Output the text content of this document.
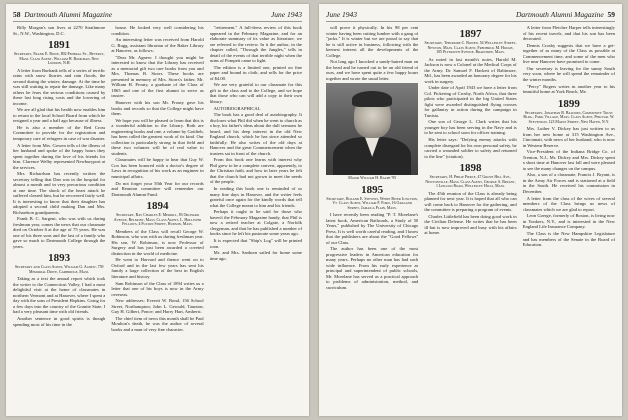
58 Dartmouth Alumni Magazine	June 1943

Billy Morgan's son lives at 2270 Strathmore St., N.W., Washington, D.C.

1891
Secretary, Frank E. Rowe, 802 Federal St., Beverly, Mass. Class Agent, William H. Bookman, New London, N.H.

A letter from Burbank tells of a series of terrific rains with snow flurries and rain floods, the second during the winter; damage. At the time he was still waiting to repair the damage. Like many others he fears the serious conditions caused by these last long rising costs and the lowering of income.

We are all glad that his health now enables him to return to the local School Board from which he resigned a year and a half ago because of illness.

He is also a member of the Red Cross Committee to provide for the registration and temporary care of refugees in case of war disaster.

A letter from Mrs. Gowen tells of the illness of her husband and spoke of the happy hours they spent together during the love of his friends for him. Clarence Welby represented Newburyport at the services.

Mrs. Richardson has recently written the secretary telling that Dan was in the hospital for almost a month and in very precarious condition at one time. The shock of the heart attack he suffered cleared him, but he recovered fairly well. It is interesting to know that their daughter has adopted a second child making Dan and Mrs. Richardson grandparents.

Frank B. C. Sargent, who was with us during freshman year, comes the news that our classmate died on October 6 at the age of 75 years. He was one of his three sons and the last of a family who gave so much to Dartmouth College through the years.

1893
Secretary and Class Agent, William G. Agnew, 759 Memorial Drive, Cambridge, Mass.

Taking as a text the annual report which took the writer to the Connecticut Valley, I had a most delightful visit at the home of classmates in northern Vermont and at Hanover, where I spent a day with the sons of President Hopkins. Going for a few days into the country of the Granite State, I had a very pleasant time with old friends.

Another sentence in good spirits is though spending most of his time in the

house. He looked very well considering his condition.

An interesting letter was received from Harold G. Rugg, assistant librarian of the Baker Library at Hanover, as follows:

"Dear Mr. Agnew: I thought you might be interested to know that the Library has received as a memorial gift two rare books from you and Mrs. Thomas B. Storrs. These books are presented in memory of Mrs. Storrs's father, Mr. William H. Prouty, a graduate of the Class of 1865 and one of the first alumni to serve as trustee.

Hanover with his son Mr. Prouty gave his books and records so that the College might have them.

We hope you will be pleased to learn that this is a wonderful addition to the Library. Both are engineering books and one, a volume by Gottlieb, has been called the greatest work of its kind. Our collection is particularly strong in that field and these two volumes will be of real value to students.

Classmates will be happy to hear that Guy W. Cox has been honored with a doctor's degree of Laws in recognition of his work as an engineer in municipal affairs.

Do not forget your 50th Year for our records and Reunion committee will remember our Dartmouth Alumni Fund.

1894
Secretary, Ray Charles E. Merrill, 83 Orchard Avenue, Belmont, Mass. Class Agent, L. Hollister Fellows, 4 Fulton Street, Hudson, Mass.

Members of the Class will recall George W. Robinson, who was with us during freshman year. His son, W. Robinson, is now Professor of Surgery and has just been awarded a coveted distinction in the world of medicine.

He went to Harvard and thence went on to Oxford and in the last few years has sent his family a large collection of the best in English literature and history.

Sam Robinson of the Class of 1894 writes us a letter that one of his boys is now in the Army overseas.

New addresses: Everett W. Bond, 156 School Street, Northampton; John L. Gerould, Taunton; Guy H. Gilbert, Ponce; and Harry Hart, Amherst.

The chief item of news this month shall be Paul Moulton's death, he was the author of several books and a man of very fine character.

"retirement." A full-dress review of this book appeared in the February Magazine, and for an elaborate summary of its value as literature, we are referred to the review. In it the author, in the chapter called, "Through the Jungles," tells in detail of the events of that terrible night when the ruins of Pompeii came to light.

The edition is a limited one, printed on fine paper and bound in cloth, and sells for the price of $4.00.

We are very grateful to our classmate for this gift to the class and to the College, and we hope that those who can will add a copy to their own library.

AUTOBIOGRAPHICAL

The book has a good deal of autobiography. It discloses what Phil did when he went to church as a boy, his father's ideas about the dull sermons he heard, and his deep interest in the old New England church, which he has since attended so faithfully. He also writes of the old days at Hanover and the great Commencement when the trustees sat in front of the church.

From this book one learns with interest why Phil grew to be a complete convert, apparently, to the Christian faith, and how in later years he felt that the church had not grown to meet the needs of the people.

In reading this book one is reminded of so many fine days in Hanover, and the writer feels grateful once again for the kindly words that tell what the College meant to him and his friends.

Perhaps it ought to be said for those who haven't the February Magazine handy, that Phil is now a retired teacher at Colgate, a Norfolk clergyman, and that he has published a number of books since he left his pastorate some years ago.

It is expected that "Ship's Log" will be printed soon.

Mr. and Mrs. Sanborn sailed for home some time ago.

June 1943	Dartmouth Alumni Magazine 59

will prove it physically. In his 98 per cent winter having been cutting lumber with a gang of "jacks." It is winter but we are proud to say that he is still active in business, following with the keenest interest all the developments of the College.

Not long ago I knocked a sandy-haired man on the head and he turned out to be an old friend of ours, and we have spent quite a few happy hours together and wrote the usual letter.

Major William H. Ralph '95
1895
Secretary, Roland E. Stevens, White River Junction, Vt. Class Agent, William F. Ford, 16 Oakland Street, Jamaica Plain, Mass.

I have recently been reading "P. T. Morelane's latest book, American Railroads, a Study of 50 Years," published by The University of Chicago Press. It is well worth careful reading, and I know that the publishers are about the "Good Fellows" of our Class.

The author has been one of the most progressive leaders in American education for many years. Perhaps no other man has had such wide influence. From his early experience as principal and superintendent of public schools, Mr. Morelane has served as a practical approach to problems of administration, method, and curriculum.

1897
Secretary, Theodore C. Bowen, 54 Wellesley Street, Newton, Mass. Class Agent, Frederick M. Hough, 105 Plymouth Avenue, Braintree, Mass.

As noted in last month's notes, Harold M. Jackson is now a Colonel at the Medical Corps of the Army. Dr. Samuel F. Hackett of Baltimore, Md., has been awarded an honorary degree for his work in surgery.

Under date of April 1943 we have a letter from Col. Pickering of Crosby, North Africa, that three pilots who participated in the big United States fight were awarded distinguished flying crosses for gallantry in action during the campaign in Tunisia.

One son of George L. Clark writes that his younger boy has been serving in the Navy and is to be sent to school soon for officer training.

His letter says: "Defying enemy attacks with complete disregard for his own personal safety, he carried a wounded soldier to safety and returned to the line" (citation).

1898
Secretary, H. Philip Pierce, 47 Grove Hill Ave., Newtonville, Mass. Class Agent, George A. Bryant, 1 Lincoln Road, Wellesley Hills, Mass.

The 45th reunion of the Class is already being planned for next year. It is hoped that all who can will come back to Hanover for the gathering, and the committee is preparing a program of events.

Charles Littlefield has been doing good work in the Civilian Defense. He writes that he has been ill but is now improved and busy with his affairs at home.

A letter from Fletcher Harper tells interestingly of his recent travels, and that his son has been decorated.

Dennis Crosby suggests that we have a get-together of as many of the Class as possible at Commencement time, and some of the men who live near Hanover have promised to come.

Our secretary is leaving for the sunny South very soon, where he will spend the remainder of the winter months.

"Percy" Rogers writes in another year to his beautiful home at York Beach, Me.

1899
Secretary, Jonathan B. Baldwin, Community Trust Bldg., Fork Village, Mass. Class Agent, Percival W. Stevenson, 123 Maple Street, New Haven, N.Y.

Mrs. Luther V. Dickey has just written to us from her new home at 315 Washington Ave., Cincinnati, with news of her husband, who is now in Western Reserve.

Vice-President of the Indiana Bridge Co. of Trenton, N.J., Mr. Dickey and Mrs. Dickey spent a short time at Hanover last fall and were pleased to see the many changes on the campus.

Also, a son of a classmate, Francis J. Bryant, is in the Army Air Forces and is stationed at a field in the South. He received his commission in December.

A letter from the class of the wives of several members of the Class brings us news of classmates which we are glad to report.

Leon Goerge, formerly of Boston, is living now in Yonkers, N.Y., and is interested in the New England Life Insurance Company.

The Class is the New Hampshire Legislature and has members of the Senate in the Board of Education.
